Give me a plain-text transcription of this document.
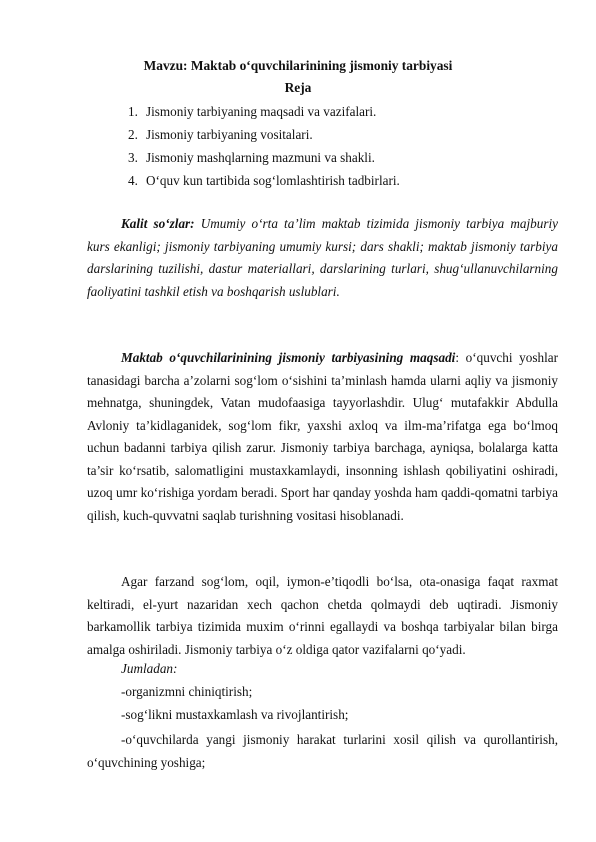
Mavzu: Maktab o‘quvchilarinining jismoniy tarbiyasi
Reja
1. Jismoniy tarbiyaning maqsadi va vazifalari.
2. Jismoniy tarbiyaning vositalari.
3. Jismoniy mashqlarning mazmuni va shakli.
4. O‘quv kun tartibida sog‘lomlashtirish tadbirlari.

Kalit so‘zlar: Umumiy o‘rta ta’lim maktab tizimida jismoniy tarbiya majburiy kurs ekanligi; jismoniy tarbiyaning umumiy kursi; dars shakli; maktab jismoniy tarbiya darslarining tuzilishi, dastur materiallari, darslarining turlari, shug‘ullanuvchilarning faoliyatini tashkil etish va boshqarish uslublari.

Maktab o‘quvchilarinining jismoniy tarbiyasining maqsadi: o‘quvchi yoshlar tanasidagi barcha a’zolarni sog‘lom o‘sishini ta’minlash hamda ularni aqliy va jismoniy mehnatga, shuningdek, Vatan mudofaasiga tayyorlashdir. Ulug‘ mutafakkir Abdulla Avloniy ta’kidlaganidek, sog‘lom fikr, yaxshi axloq va ilm-ma’rifatga ega bo‘lmoq uchun badanni tarbiya qilish zarur. Jismoniy tarbiya barchaga, ayniqsa, bolalarga katta ta’sir ko‘rsatib, salomatligini mustaxkamlaydi, insonning ishlash qobiliyatini oshiradi, uzoq umr ko‘rishiga yordam beradi. Sport har qanday yoshda ham qaddi-qomatni tarbiya qilish, kuch-quvvatni saqlab turishning vositasi hisoblanadi.

Agar farzand sog‘lom, oqil, iymon-e’tiqodli bo‘lsa, ota-onasiga faqat raxmat keltiradi, el-yurt nazaridan xech qachon chetda qolmaydi deb uqtiradi. Jismoniy barkamollik tarbiya tizimida muxim o‘rinni egallaydi va boshqa tarbiyalar bilan birga amalga oshiriladi. Jismoniy tarbiya o‘z oldiga qator vazifalarni qo‘yadi.

Jumladan:
-organizmni chiniqtirish;
-sog‘likni mustaxkamlash va rivojlantirish;

-o‘quvchilarda yangi jismoniy harakat turlarini xosil qilish va qurollantirish, o‘quvchining yoshiga;
